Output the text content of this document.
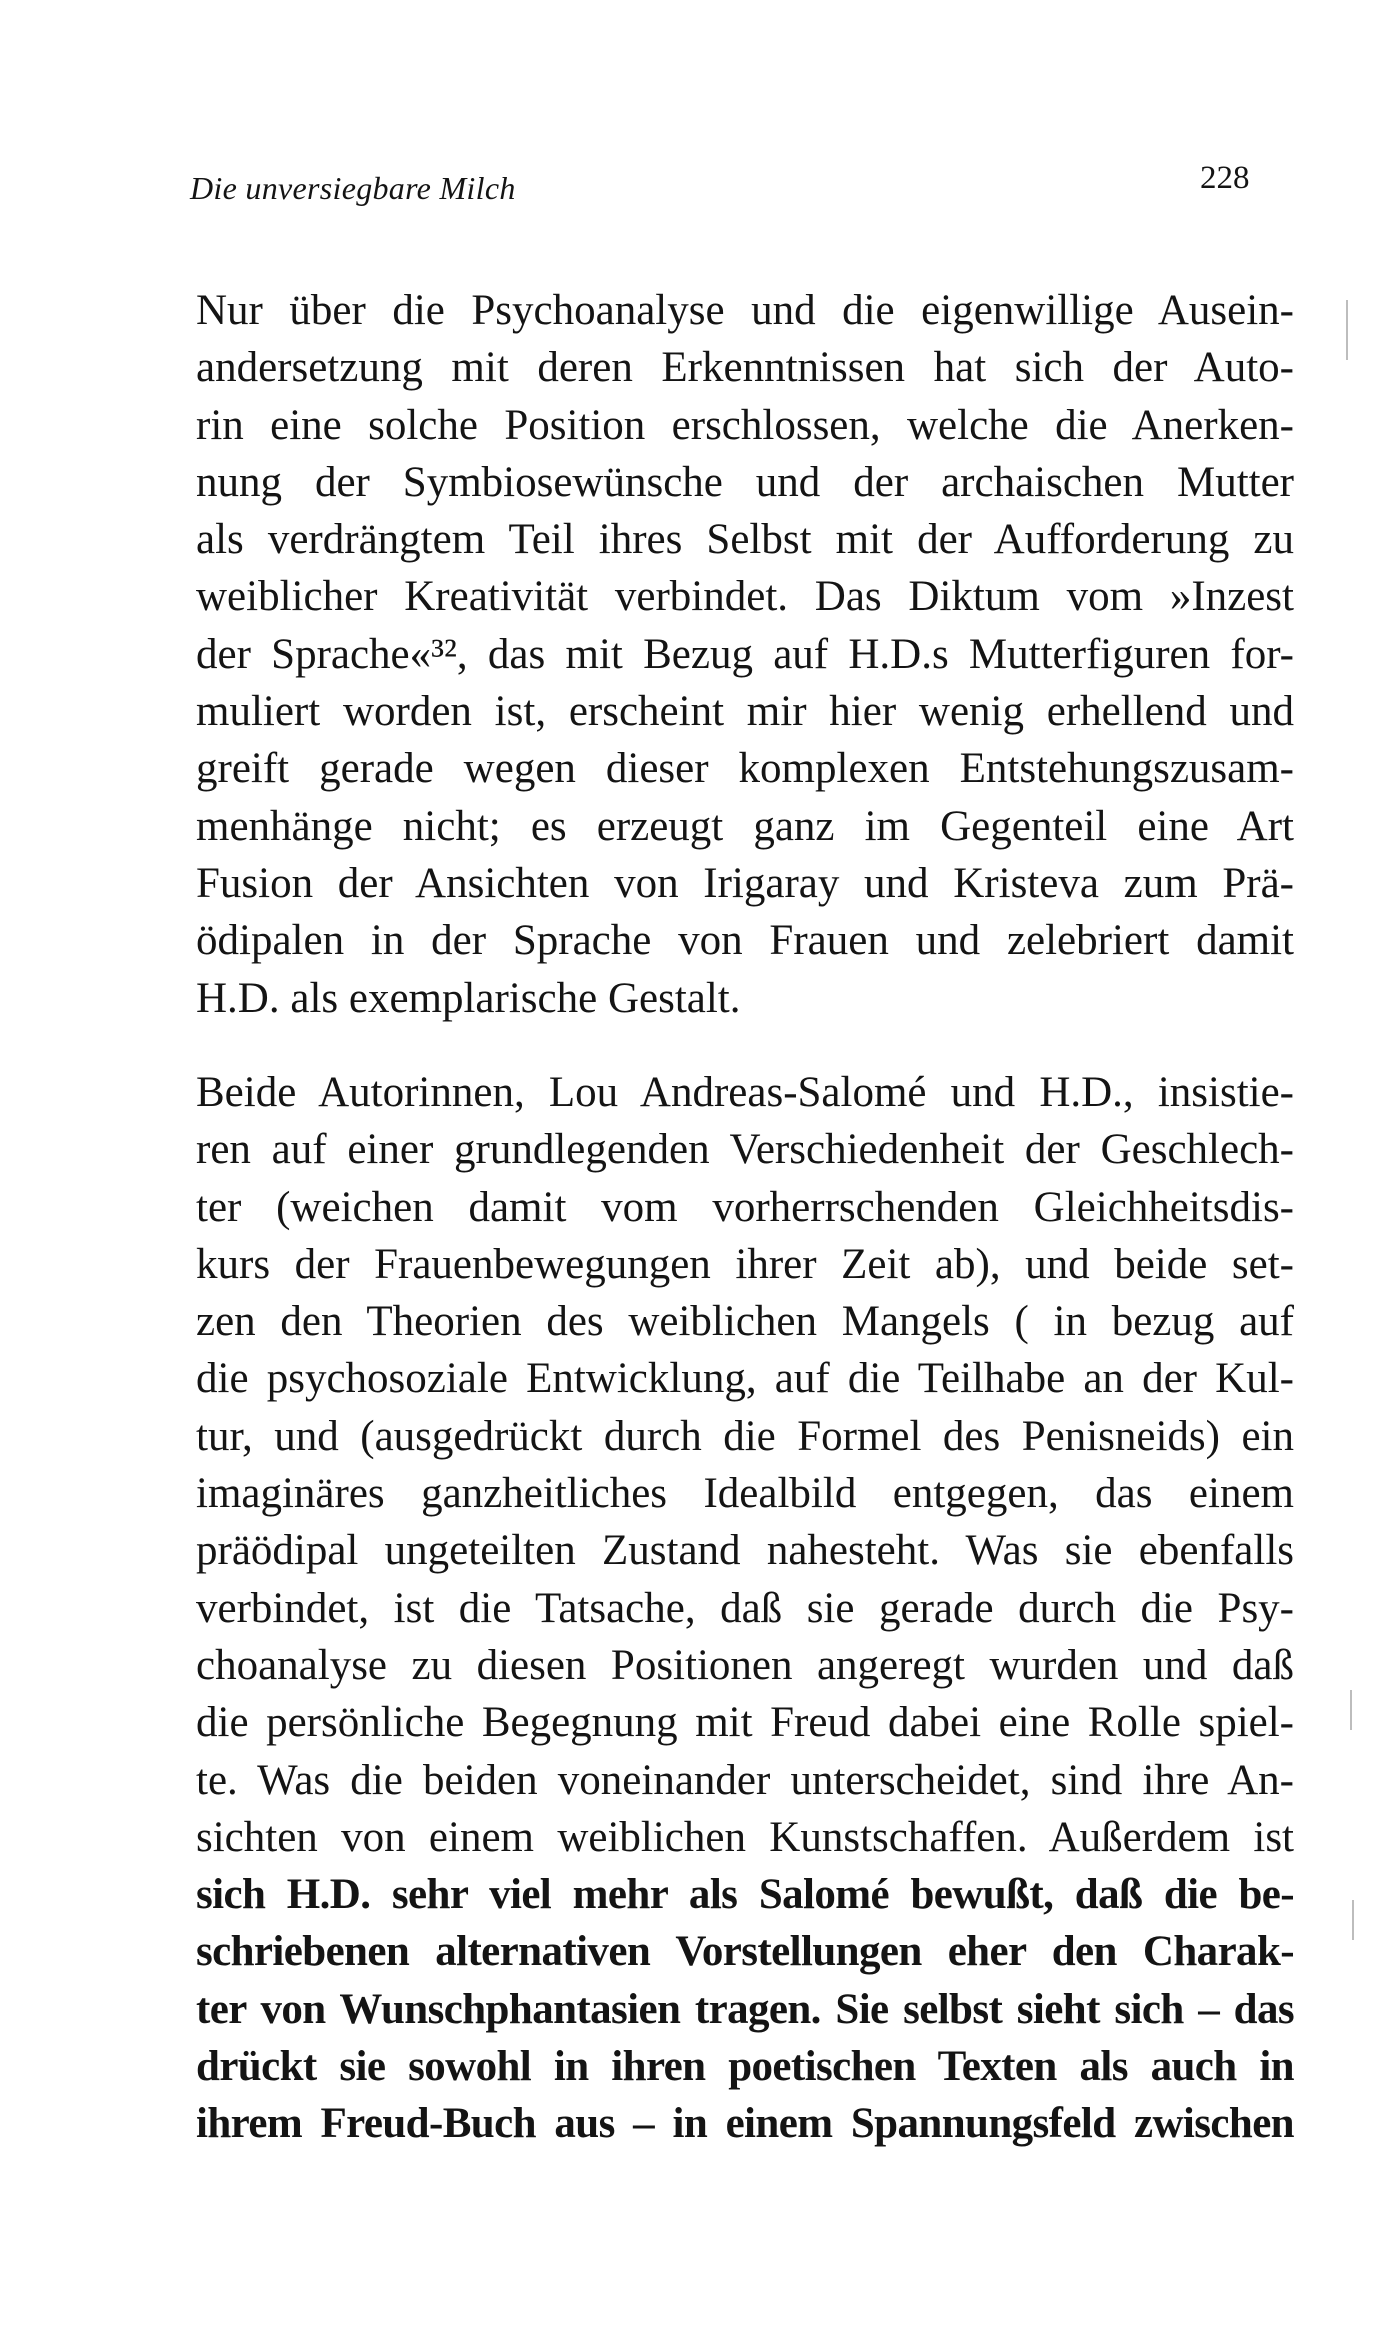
Die unversiegbare Milch	228
Nur über die Psychoanalyse und die eigenwillige Ausein-
andersetzung mit deren Erkenntnissen hat sich der Auto-
rin eine solche Position erschlossen, welche die Anerken-
nung der Symbiosewünsche und der archaischen Mutter
als verdrängtem Teil ihres Selbst mit der Aufforderung zu
weiblicher Kreativität verbindet. Das Diktum vom »Inzest
der Sprache«³², das mit Bezug auf H.D.s Mutterfiguren for-
muliert worden ist, erscheint mir hier wenig erhellend und
greift gerade wegen dieser komplexen Entstehungszusam-
menhänge nicht; es erzeugt ganz im Gegenteil eine Art
Fusion der Ansichten von Irigaray und Kristeva zum Prä-
ödipalen in der Sprache von Frauen und zelebriert damit
H.D. als exemplarische Gestalt.
Beide Autorinnen, Lou Andreas-Salomé und H.D., insistie-
ren auf einer grundlegenden Verschiedenheit der Geschlech-
ter (weichen damit vom vorherrschenden Gleichheitsdis-
kurs der Frauenbewegungen ihrer Zeit ab), und beide set-
zen den Theorien des weiblichen Mangels ( in bezug auf
die psychosoziale Entwicklung, auf die Teilhabe an der Kul-
tur, und (ausgedrückt durch die Formel des Penisneids) ein
imaginäres ganzheitliches Idealbild entgegen, das einem
präödipal ungeteilten Zustand nahesteht. Was sie ebenfalls
verbindet, ist die Tatsache, daß sie gerade durch die Psy-
choanalyse zu diesen Positionen angeregt wurden und daß
die persönliche Begegnung mit Freud dabei eine Rolle spiel-
te. Was die beiden voneinander unterscheidet, sind ihre An-
sichten von einem weiblichen Kunstschaffen. Außerdem ist
sich H.D. sehr viel mehr als Salomé bewußt, daß die be-
schriebenen alternativen Vorstellungen eher den Charak-
ter von Wunschphantasien tragen. Sie selbst sieht sich – das
drückt sie sowohl in ihren poetischen Texten als auch in
ihrem Freud-Buch aus – in einem Spannungsfeld zwischen
